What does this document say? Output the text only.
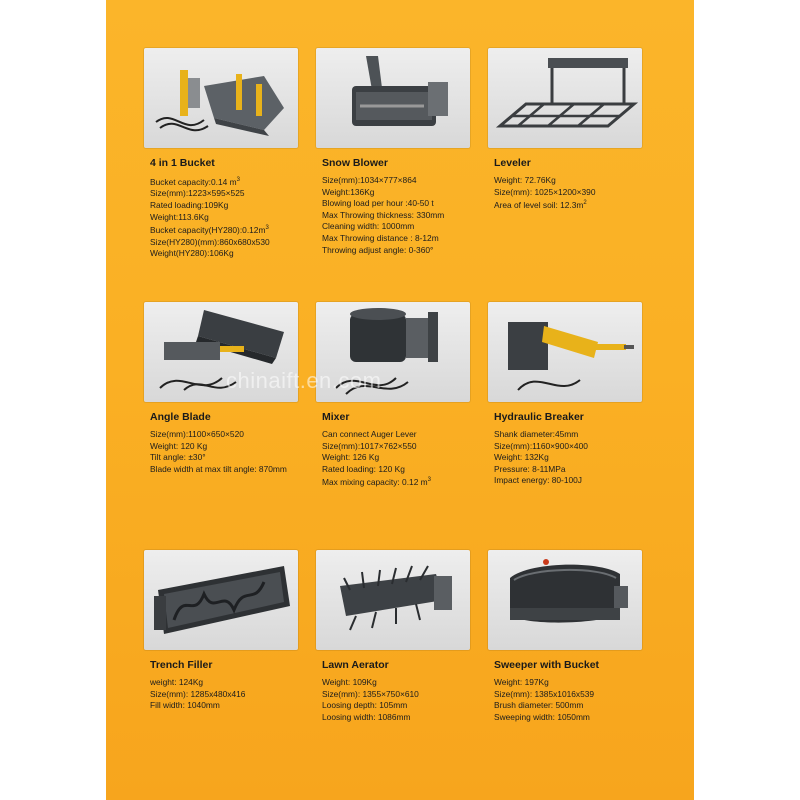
4 in 1 Bucket
Bucket capacity:0.14 $m^3$
Size(mm):1223×595×525
Rated loading:109Kg
Weight:113.6Kg
Bucket $capacity(HY280):0.12m^3$
Size(HY280)(mm):860x680x530
Weight(HY280):106Kg
Snow Blower
Size(mm):1034×777×864
Weight:136Kg
Blowing load per hour :40-50 t
Max Throwing thickness: 330mm
Cleaning width: 1000mm
Max Throwing distance : 8-12m
Throwing adjust angle: 0-360°
Leveler
Weight: 72.76Kg
Size(mm): 1025×1200×390
Area of level soil: $12.3m^2$
Angle Blade
Size(mm):1100×650×520
Weight: 120 Kg
Tilt angle: ±30°
Blade width at max tilt angle: 870mm
Mixer
Can connect Auger Lever
Size(mm):1017×762×550
Weight: 126 Kg
Rated loading: 120 Kg
Max mixing capacity: 0.12 $m^3$
Hydraulic Breaker
Shank diameter:45mm
Size(mm):1160×900×400
Weight: 132Kg
Pressure: 8-11MPa
Impact energy: 80-100J
Trench Filler
weight: 124Kg
Size(mm): 1285x480x416
Fill width: 1040mm
Lawn Aerator
Weight: 109Kg
Size(mm): 1355×750×610
Loosing depth: 105mm
Loosing width: 1086mm
Sweeper with Bucket
Weight: 197Kg
Size(mm): 1385x1016x539
Brush diameter: 500mm
Sweeping width: 1050mm
chinaift.en.com
